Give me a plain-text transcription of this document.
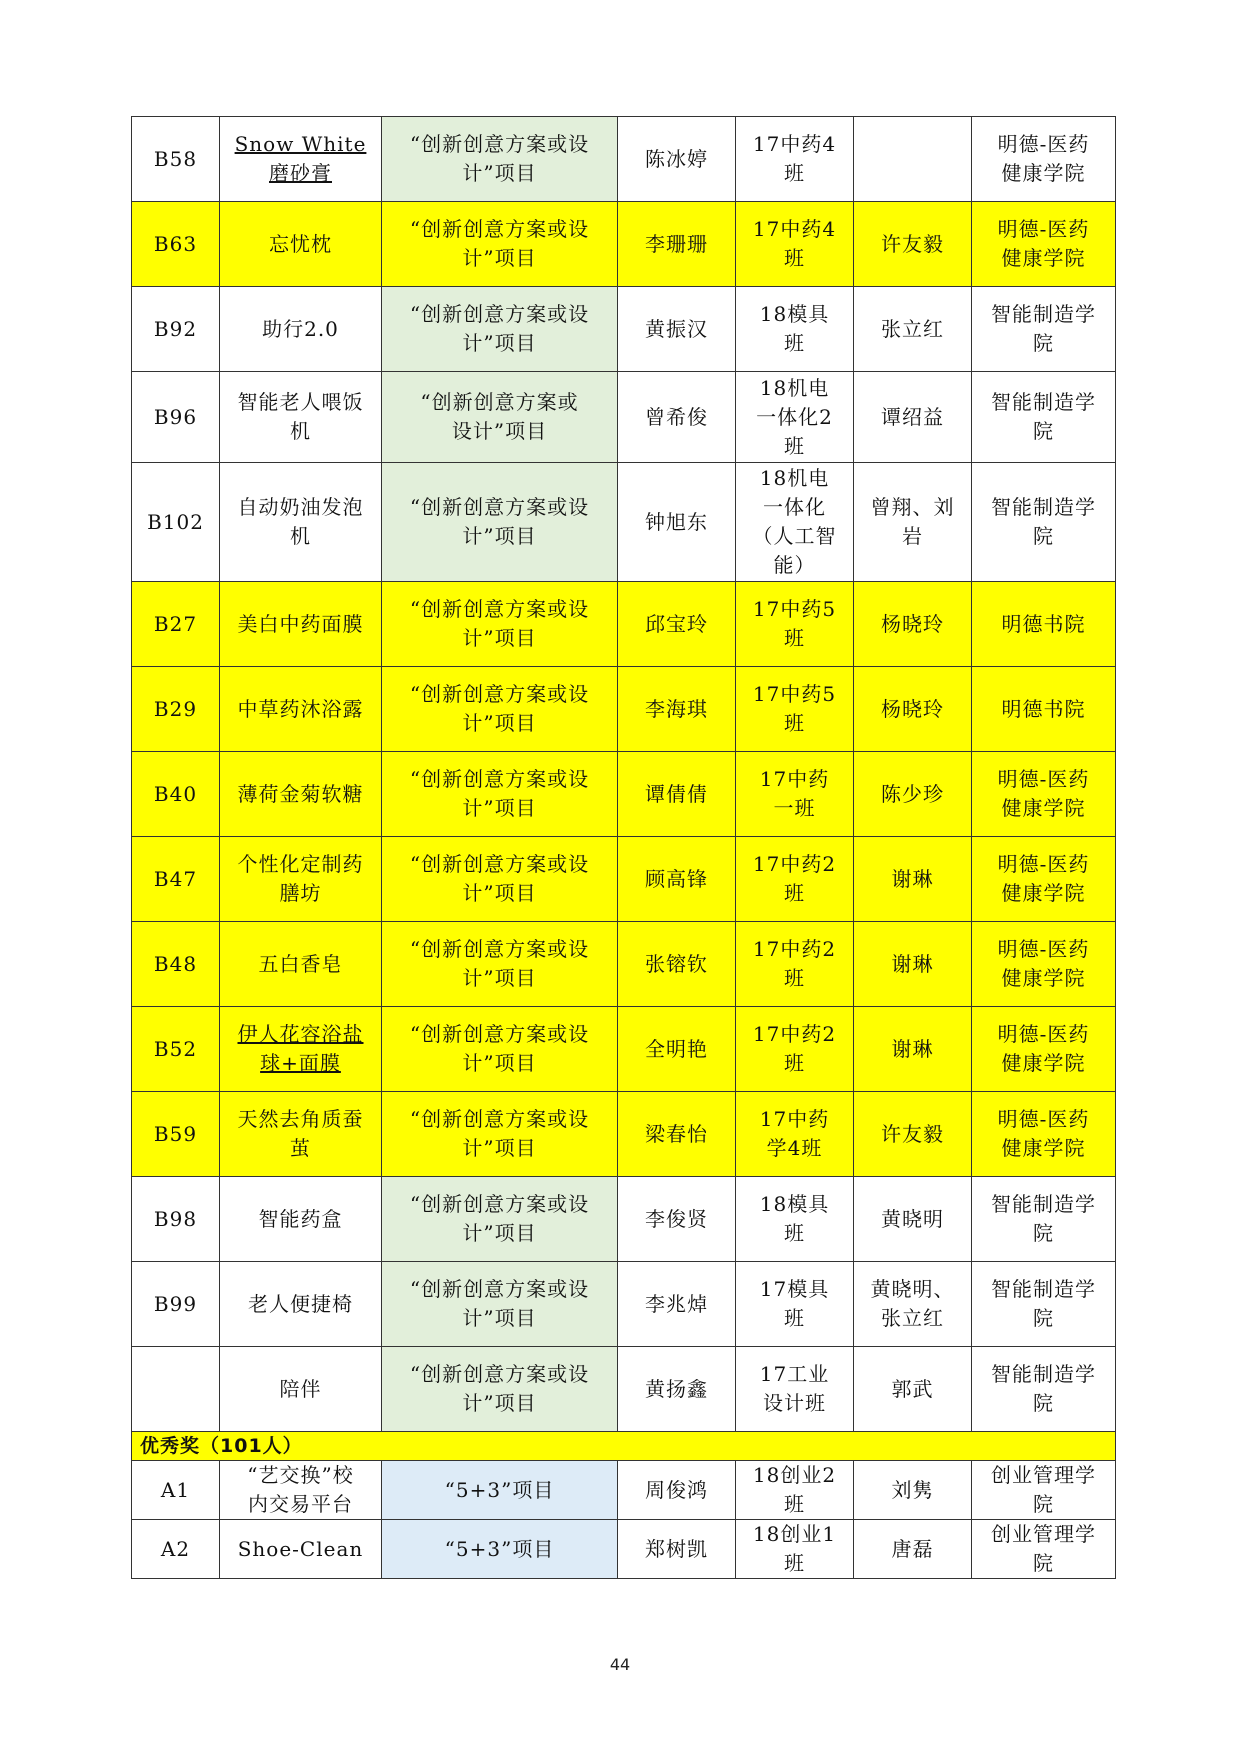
B58	Snow White
磨砂膏	“创新创意方案或设计”项目	陈冰婷	17中药4
班		明德-医药
健康学院
B63	忘忧枕	“创新创意方案或设计”项目	李珊珊	17中药4
班	许友毅	明德-医药
健康学院
B92	助行2.0	“创新创意方案或设计”项目	黄振汉	18模具
班	张立红	智能制造学
院
B96	智能老人喂饭
机	“创新创意方案或
设计”项目	曾希俊	18机电
一体化2
班	谭绍益	智能制造学
院
B102	自动奶油发泡
机	“创新创意方案或设计”项目	钟旭东	18机电
一体化
（人工智
能）	曾翔、刘
岩	智能制造学
院
B27	美白中药面膜	“创新创意方案或设计”项目	邱宝玲	17中药5
班	杨晓玲	明德书院
B29	中草药沐浴露	“创新创意方案或设计”项目	李海琪	17中药5
班	杨晓玲	明德书院
B40	薄荷金菊软糖	“创新创意方案或设计”项目	谭倩倩	17中药
一班	陈少珍	明德-医药
健康学院
B47	个性化定制药
膳坊	“创新创意方案或设计”项目	顾高锋	17中药2
班	谢琳	明德-医药
健康学院
B48	五白香皂	“创新创意方案或设计”项目	张镕钦	17中药2
班	谢琳	明德-医药
健康学院
B52	伊人花容浴盐
球+面膜	“创新创意方案或设计”项目	全明艳	17中药2
班	谢琳	明德-医药
健康学院
B59	天然去角质蚕
茧	“创新创意方案或设计”项目	梁春怡	17中药
学4班	许友毅	明德-医药
健康学院
B98	智能药盒	“创新创意方案或设计”项目	李俊贤	18模具
班	黄晓明	智能制造学
院
B99	老人便捷椅	“创新创意方案或设计”项目	李兆焯	17模具
班	黄晓明、
张立红	智能制造学
院
	陪伴	“创新创意方案或设计”项目	黄扬鑫	17工业
设计班	郭武	智能制造学
院
优秀奖（101人）						
A1	“艺交换”校
内交易平台	“5+3”项目	周俊鸿	18创业2
班	刘隽	创业管理学
院
A2	Shoe-Clean	“5+3”项目	郑树凯	18创业1
班	唐磊	创业管理学
院
44
